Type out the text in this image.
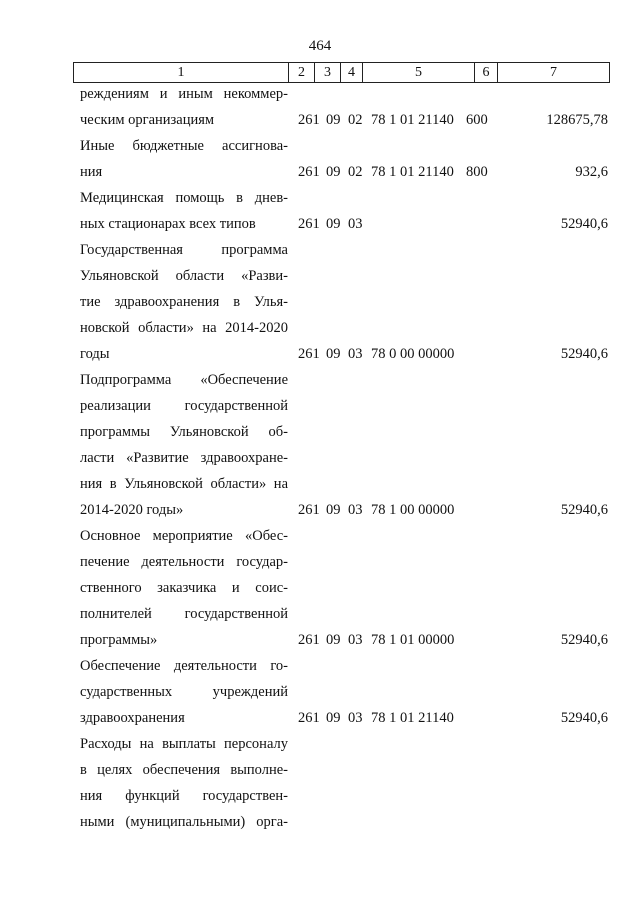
464
1	2	3	4	5	6	7
реждениям и иным некоммер-
ческим организациям	261 09 02 78 1 01 21140 600	128675,78
Иные бюджетные ассигнова-
ния	261 09 02 78 1 01 21140 800	932,6
Медицинская помощь в днев-
ных стационарах всех типов	261 09 03	52940,6
Государственная программа
Ульяновской области «Разви-
тие здравоохранения в Улья-
новской области» на 2014-2020
годы	261 09 03 78 0 00 00000	52940,6
Подпрограмма «Обеспечение
реализации государственной
программы Ульяновской об-
ласти «Развитие здравоохране-
ния в Ульяновской области» на
2014-2020 годы»	261 09 03 78 1 00 00000	52940,6
Основное мероприятие «Обес-
печение деятельности государ-
ственного заказчика и соис-
полнителей государственной
программы»	261 09 03 78 1 01 00000	52940,6
Обеспечение деятельности го-
сударственных учреждений
здравоохранения	261 09 03 78 1 01 21140	52940,6
Расходы на выплаты персоналу
в целях обеспечения выполне-
ния функций государствен-
ными (муниципальными) орга-
